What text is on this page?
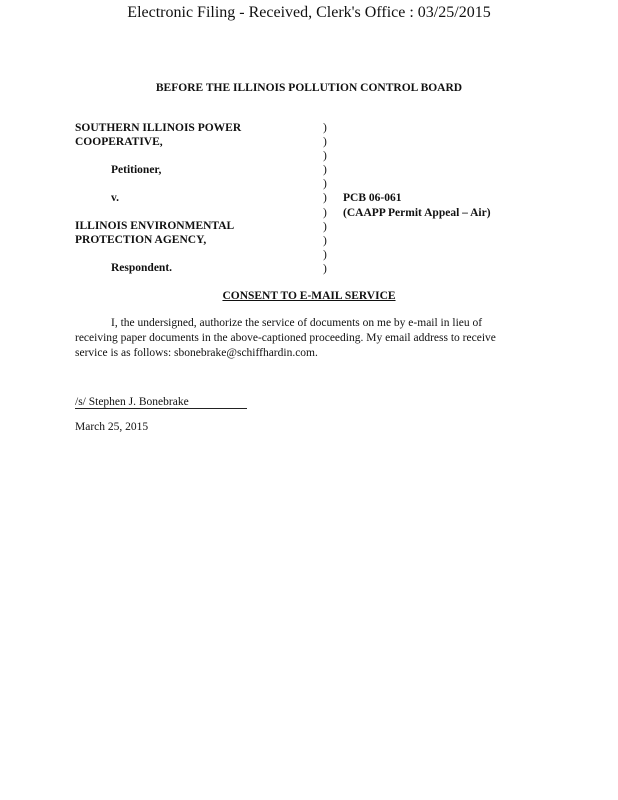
Electronic Filing - Received, Clerk's Office : 03/25/2015
BEFORE THE ILLINOIS POLLUTION CONTROL BOARD
SOUTHERN ILLINOIS POWER
COOPERATIVE,
Petitioner,
v.
ILLINOIS ENVIRONMENTAL
PROTECTION AGENCY,
Respondent.
PCB 06-061
(CAAPP Permit Appeal – Air)
)
)
)
)
)
)
)
)
)
)
)
CONSENT TO E-MAIL SERVICE
I, the undersigned, authorize the service of documents on me by e-mail in lieu of receiving paper documents in the above-captioned proceeding. My email address to receive service is as follows: sbonebrake@schiffhardin.com.
/s/ Stephen J. Bonebrake
March 25, 2015
